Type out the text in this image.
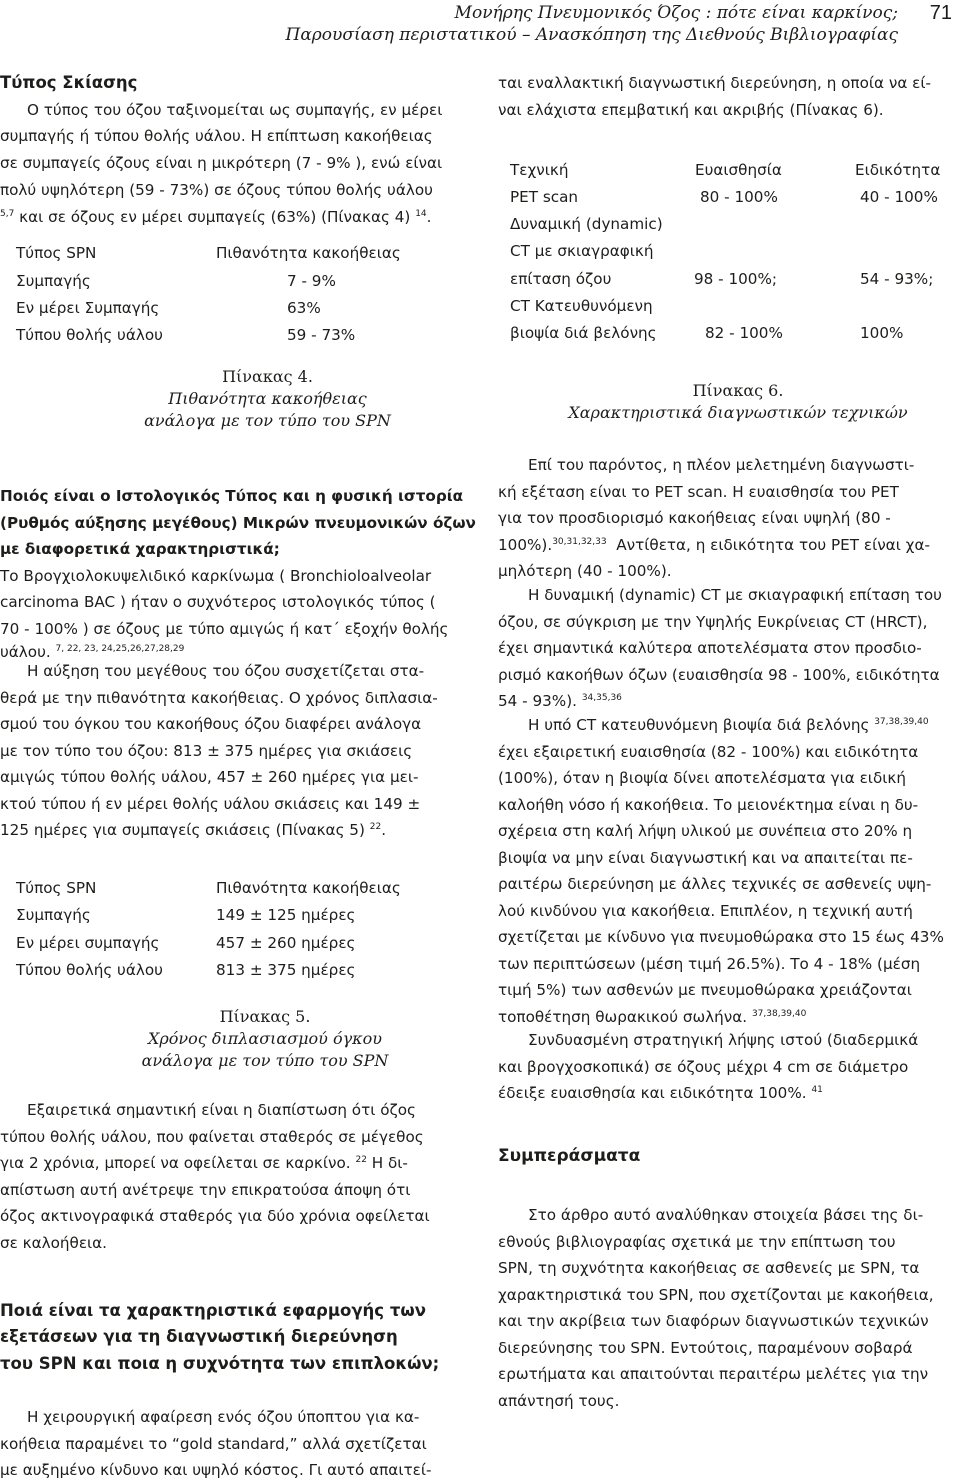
Μονήρης Πνευμονικός Όζος : πότε είναι καρκίνος;
Παρουσίαση περιστατικού – Ανασκόπηση της Διεθνούς Βιβλιογραφίας
71
Τύπος Σκίασης
Ο τύπος του όζου ταξινομείται ως συμπαγής, εν μέρει
συμπαγής ή τύπου θολής υάλου. Η επίπτωση κακοήθειας
σε συμπαγείς όζους είναι η μικρότερη (7 - 9% ), ενώ είναι
πολύ υψηλότερη (59 - 73%) σε όζους τύπου θολής υάλου
$^{5,7}$ και σε όζους εν μέρει συμπαγείς (63%) (Πίνακας 4) $^{14}$.
Τύπος SPN	Πιθανότητα κακοήθειας
Συμπαγής	7 - 9%
Εν μέρει Συμπαγής	63%
Τύπου θολής υάλου	59 - 73%
Πίνακας 4.
Πιθανότητα κακοήθειας
ανάλογα με τον τύπο του SPN
Ποιός είναι ο Ιστολογικός Τύπος και η φυσική ιστορία
(Ρυθμός αύξησης μεγέθους) Μικρών πνευμονικών όζων
με διαφορετικά χαρακτηριστικά;
Το Βρογχιολοκυψελιδικό καρκίνωμα ( Bronchioloalveolar
carcinoma BAC ) ήταν ο συχνότερος ιστολογικός τύπος (
70 - 100% ) σε όζους με τύπο αμιγώς ή κατ΄ εξοχήν θολής
υάλου. $^{7, 22, 23, 24,25,26,27,28,29}$
Η αύξηση του μεγέθους του όζου συσχετίζεται στα-
θερά με την πιθανότητα κακοήθειας. Ο χρόνος διπλασια-
σμού του όγκου του κακοήθους όζου διαφέρει ανάλογα
με τον τύπο του όζου: 813 ± 375 ημέρες για σκιάσεις
αμιγώς τύπου θολής υάλου, 457 ± 260 ημέρες για μει-
κτού τύπου ή εν μέρει θολής υάλου σκιάσεις και 149 ±
125 ημέρες για συμπαγείς σκιάσεις (Πίνακας 5) $^{22}$.
Τύπος SPN	Πιθανότητα κακοήθειας
Συμπαγής	149 ± 125 ημέρες
Εν μέρει συμπαγής	457 ± 260 ημέρες
Τύπου θολής υάλου	813 ± 375 ημέρες
Πίνακας 5.
Χρόνος διπλασιασμού όγκου
ανάλογα με τον τύπο του SPN
Εξαιρετικά σημαντική είναι η διαπίστωση ότι όζος
τύπου θολής υάλου, που φαίνεται σταθερός σε μέγεθος
για 2 χρόνια, μπορεί να οφείλεται σε καρκίνο. $^{22}$ Η δι-
απίστωση αυτή ανέτρεψε την επικρατούσα άποψη ότι
όζος ακτινογραφικά σταθερός για δύο χρόνια οφείλεται
σε καλοήθεια.
Ποιά είναι τα χαρακτηριστικά εφαρμογής των
εξετάσεων για τη διαγνωστική διερεύνηση
του SPN και ποια η συχνότητα των επιπλοκών;
Η χειρουργική αφαίρεση ενός όζου ύποπτου για κα-
κοήθεια παραμένει το “gold standard,” αλλά σχετίζεται
με αυξημένο κίνδυνο και υψηλό κόστος. Γι αυτό απαιτεί-
ται εναλλακτική διαγνωστική διερεύνηση, η οποία να εί-
ναι ελάχιστα επεμβατική και ακριβής (Πίνακας 6).
Τεχνική	Ευαισθησία	Ειδικότητα
PET scan	80 - 100%	40 - 100%
Δυναμική (dynamic)
CT με σκιαγραφική
επίταση όζου	98 - 100%;	54 - 93%;
CT Κατευθυνόμενη
βιοψία διά βελόνης	82 - 100%	100%
Πίνακας 6.
Χαρακτηριστικά διαγνωστικών τεχνικών
Επί του παρόντος, η πλέον μελετημένη διαγνωστι-
κή εξέταση είναι το PET scan. Η ευαισθησία του PET
για τον προσδιορισμό κακοήθειας είναι υψηλή (80 -
100%).$^{30,31,32,33}$ Αντίθετα, η ειδικότητα του PET είναι χα-
μηλότερη (40 - 100%).
Η δυναμική (dynamic) CT με σκιαγραφική επίταση του
όζου, σε σύγκριση με την Υψηλής Ευκρίνειας CT (HRCT),
έχει σημαντικά καλύτερα αποτελέσματα στον προσδιο-
ρισμό κακοήθων όζων (ευαισθησία 98 - 100%, ειδικότητα
54 - 93%). $^{34,35,36}$
Η υπό CT κατευθυνόμενη βιοψία διά βελόνης $^{37,38,39,40}$
έχει εξαιρετική ευαισθησία (82 - 100%) και ειδικότητα
(100%), όταν η βιοψία δίνει αποτελέσματα για ειδική
καλοήθη νόσο ή κακοήθεια. Το μειονέκτημα είναι η δυ-
σχέρεια στη καλή λήψη υλικού με συνέπεια στο 20% η
βιοψία να μην είναι διαγνωστική και να απαιτείται πε-
ραιτέρω διερεύνηση με άλλες τεχνικές σε ασθενείς υψη-
λού κινδύνου για κακοήθεια. Επιπλέον, η τεχνική αυτή
σχετίζεται με κίνδυνο για πνευμοθώρακα στο 15 έως 43%
των περιπτώσεων (μέση τιμή 26.5%). Το 4 - 18% (μέση
τιμή 5%) των ασθενών με πνευμοθώρακα χρειάζονται
τοποθέτηση θωρακικού σωλήνα. $^{37,38,39,40}$
Συνδυασμένη στρατηγική λήψης ιστού (διαδερμικά
και βρογχοσκοπικά) σε όζους μέχρι 4 cm σε διάμετρο
έδειξε ευαισθησία και ειδικότητα 100%. $^{41}$
Συμπεράσματα
Στο άρθρο αυτό αναλύθηκαν στοιχεία βάσει της δι-
εθνούς βιβλιογραφίας σχετικά με την επίπτωση του
SPN, τη συχνότητα κακοήθειας σε ασθενείς με SPN, τα
χαρακτηριστικά του SPN, που σχετίζονται με κακοήθεια,
και την ακρίβεια των διαφόρων διαγνωστικών τεχνικών
διερεύνησης του SPN. Εντούτοις, παραμένουν σοβαρά
ερωτήματα και απαιτούνται περαιτέρω μελέτες για την
απάντησή τους.
